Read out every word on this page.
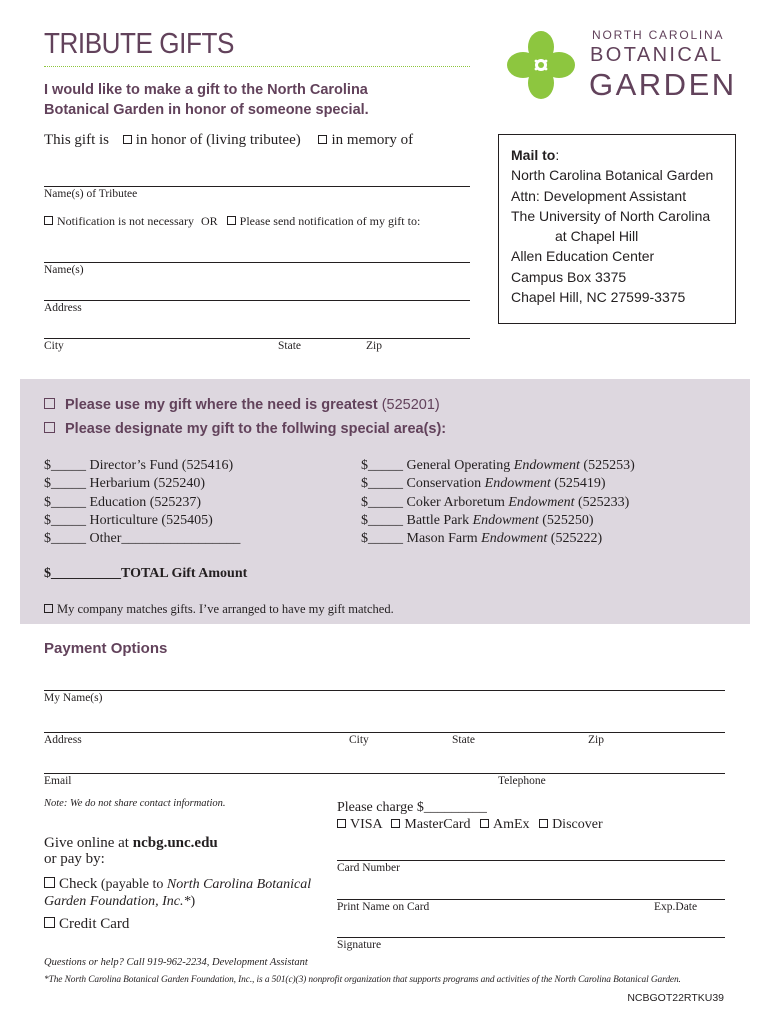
TRIBUTE GIFTS
I would like to make a gift to the North Carolina
Botanical Garden in honor of someone special.
NORTH CAROLINA
BOTANICAL
GARDEN
This gift is in honor of (living tributee) in memory of
Name(s) of Tributee
Notification is not necessary OR Please send notification of my gift to:
Name(s)
Address
City	State	Zip
Mail to:
North Carolina Botanical Garden
Attn: Development Assistant
The University of North Carolina
at Chapel Hill
Allen Education Center
Campus Box 3375
Chapel Hill, NC 27599-3375
Please use my gift where the need is greatest (525201)
Please designate my gift to the follwing special area(s):
$_____ Director’s Fund (525416)
$_____ Herbarium (525240)
$_____ Education (525237)
$_____ Horticulture (525405)
$_____ Other_________________
$_____ General Operating Endowment (525253)
$_____ Conservation Endowment (525419)
$_____ Coker Arboretum Endowment (525233)
$_____ Battle Park Endowment (525250)
$_____ Mason Farm Endowment (525222)
$__________TOTAL Gift Amount
My company matches gifts. I’ve arranged to have my gift matched.
Payment Options
My Name(s)
Address	City	State	Zip
Email	Telephone
Note: We do not share contact information.
Give online at ncbg.unc.edu
or pay by:
Check (payable to North Carolina Botanical Garden Foundation, Inc.*)
Credit Card
Please charge $_________
VISA MasterCard AmEx Discover
Card Number
Print Name on Card	Exp.Date
Signature
Questions or help? Call 919-962-2234, Development Assistant
*The North Carolina Botanical Garden Foundation, Inc., is a 501(c)(3) nonprofit organization that supports programs and activities of the North Carolina Botanical Garden.
NCBGOT22RTKU39
